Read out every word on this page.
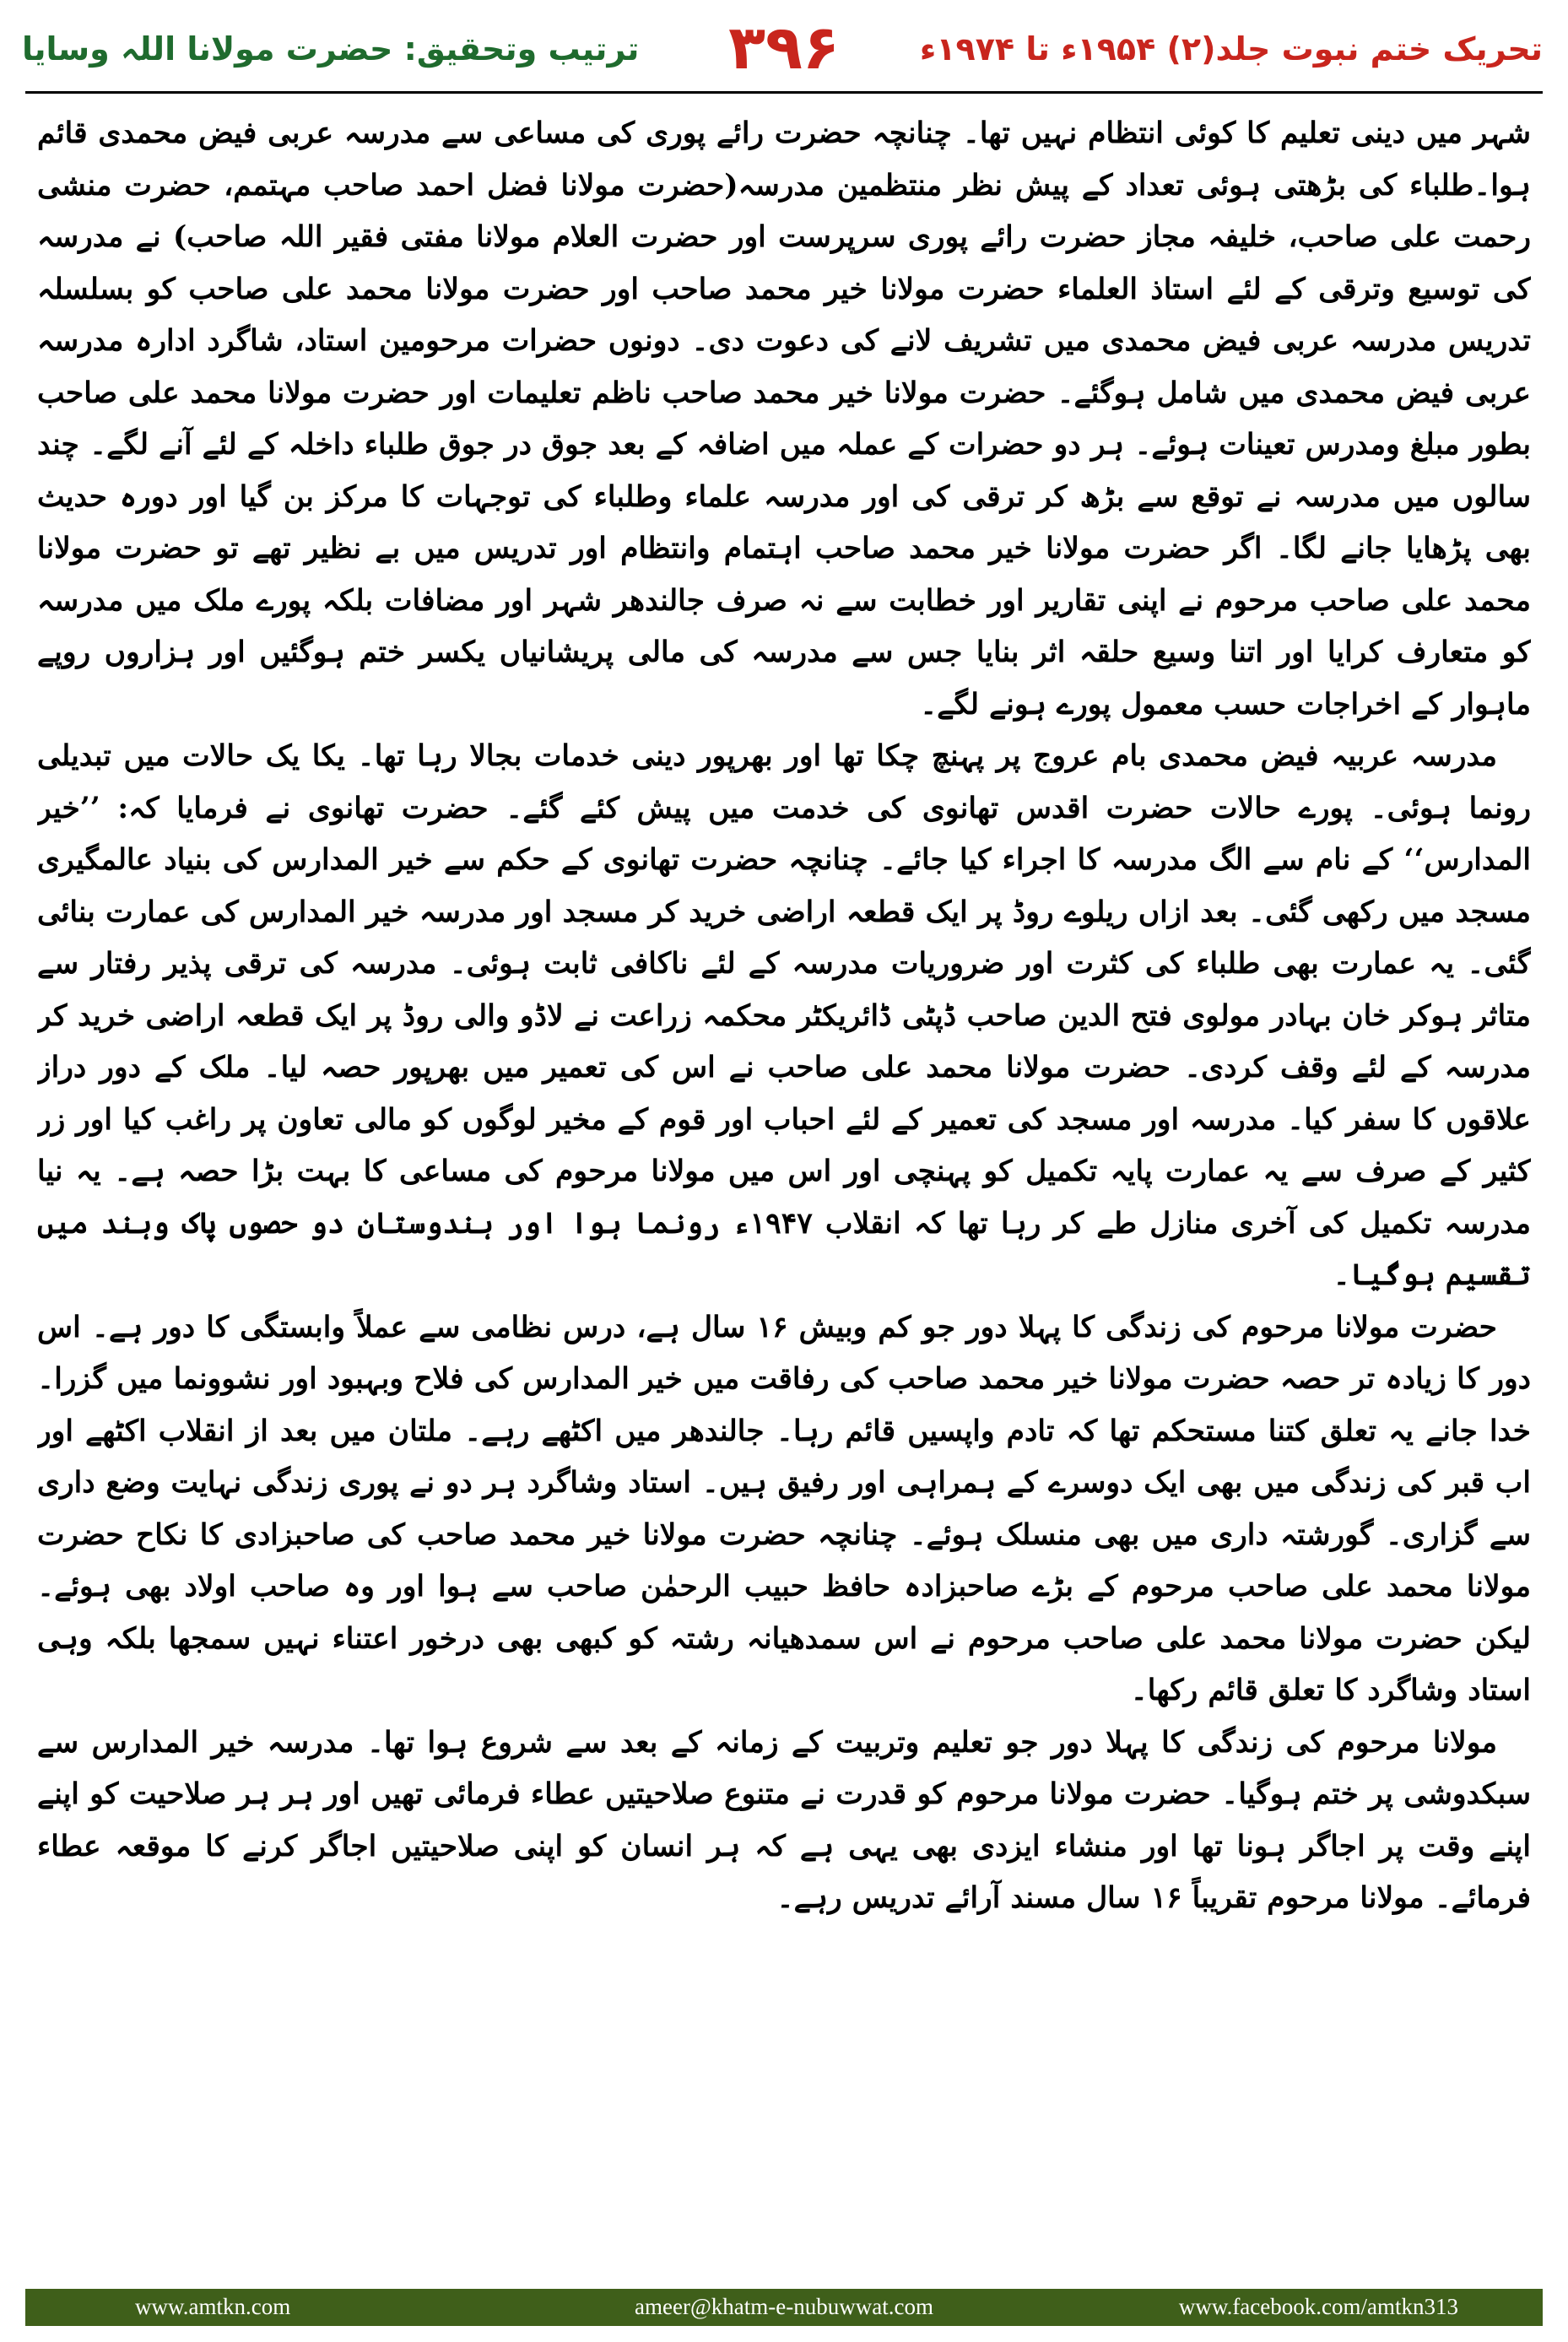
ترتیب وتحقیق: حضرت مولانا اللہ وسایا	۳۹۶	تحریک ختم نبوت جلد(۲) ۱۹۵۴ء تا ۱۹۷۴ء

شہر میں دینی تعلیم کا کوئی انتظام نہیں تھا۔ چنانچہ حضرت رائے پوری کی مساعی سے مدرسہ عربی فیض محمدی قائم ہوا۔طلباء کی بڑھتی ہوئی تعداد کے پیش نظر منتظمین مدرسہ(حضرت مولانا فضل احمد صاحب مہتمم، حضرت منشی رحمت علی صاحب، خلیفہ مجاز حضرت رائے پوری سرپرست اور حضرت العلام مولانا مفتی فقیر اللہ صاحب) نے مدرسہ کی توسیع وترقی کے لئے استاذ العلماء حضرت مولانا خیر محمد صاحب اور حضرت مولانا محمد علی صاحب کو بسلسلہ تدریس مدرسہ عربی فیض محمدی میں تشریف لانے کی دعوت دی۔ دونوں حضرات مرحومین استاد، شاگرد ادارہ مدرسہ عربی فیض محمدی میں شامل ہوگئے۔ حضرت مولانا خیر محمد صاحب ناظم تعلیمات اور حضرت مولانا محمد علی صاحب بطور مبلغ ومدرس تعینات ہوئے۔ ہر دو حضرات کے عملہ میں اضافہ کے بعد جوق در جوق طلباء داخلہ کے لئے آنے لگے۔ چند سالوں میں مدرسہ نے توقع سے بڑھ کر ترقی کی اور مدرسہ علماء وطلباء کی توجہات کا مرکز بن گیا اور دورہ حدیث بھی پڑھایا جانے لگا۔ اگر حضرت مولانا خیر محمد صاحب اہتمام وانتظام اور تدریس میں بے نظیر تھے تو حضرت مولانا محمد علی صاحب مرحوم نے اپنی تقاریر اور خطابت سے نہ صرف جالندھر شہر اور مضافات بلکہ پورے ملک میں مدرسہ کو متعارف کرایا اور اتنا وسیع حلقہ اثر بنایا جس سے مدرسہ کی مالی پریشانیاں یکسر ختم ہوگئیں اور ہزاروں روپے ماہوار کے اخراجات حسب معمول پورے ہونے لگے۔

مدرسہ عربیہ فیض محمدی بام عروج پر پہنچ چکا تھا اور بھرپور دینی خدمات بجالا رہا تھا۔ یکا یک حالات میں تبدیلی رونما ہوئی۔ پورے حالات حضرت اقدس تھانوی کی خدمت میں پیش کئے گئے۔ حضرت تھانوی نے فرمایا کہ: ’’خیر المدارس‘‘ کے نام سے الگ مدرسہ کا اجراء کیا جائے۔ چنانچہ حضرت تھانوی کے حکم سے خیر المدارس کی بنیاد عالمگیری مسجد میں رکھی گئی۔ بعد ازاں ریلوے روڈ پر ایک قطعہ اراضی خرید کر مسجد اور مدرسہ خیر المدارس کی عمارت بنائی گئی۔ یہ عمارت بھی طلباء کی کثرت اور ضروریات مدرسہ کے لئے ناکافی ثابت ہوئی۔ مدرسہ کی ترقی پذیر رفتار سے متاثر ہوکر خان بہادر مولوی فتح الدین صاحب ڈپٹی ڈائریکٹر محکمہ زراعت نے لاڈو والی روڈ پر ایک قطعہ اراضی خرید کر مدرسہ کے لئے وقف کردی۔ حضرت مولانا محمد علی صاحب نے اس کی تعمیر میں بھرپور حصہ لیا۔ ملک کے دور دراز علاقوں کا سفر کیا۔ مدرسہ اور مسجد کی تعمیر کے لئے احباب اور قوم کے مخیر لوگوں کو مالی تعاون پر راغب کیا اور زر کثیر کے صرف سے یہ عمارت پایہ تکمیل کو پہنچی اور اس میں مولانا مرحوم کی مساعی کا بہت بڑا حصہ ہے۔ یہ نیا مدرسہ تکمیل کی آخری منازل طے کر رہا تھا کہ انقلاب ۱۹۴۷ء رونما ہوا اور ہندوستان دو حصوں پاک وہند میں تقسیم ہوگیا۔

حضرت مولانا مرحوم کی زندگی کا پہلا دور جو کم وبیش ۱۶ سال ہے، درس نظامی سے عملاً وابستگی کا دور ہے۔ اس دور کا زیادہ تر حصہ حضرت مولانا خیر محمد صاحب کی رفاقت میں خیر المدارس کی فلاح وبہبود اور نشوونما میں گزرا۔ خدا جانے یہ تعلق کتنا مستحکم تھا کہ تادم واپسیں قائم رہا۔ جالندھر میں اکٹھے رہے۔ ملتان میں بعد از انقلاب اکٹھے اور اب قبر کی زندگی میں بھی ایک دوسرے کے ہمراہی اور رفیق ہیں۔ استاد وشاگرد ہر دو نے پوری زندگی نہایت وضع داری سے گزاری۔ گورشتہ داری میں بھی منسلک ہوئے۔ چنانچہ حضرت مولانا خیر محمد صاحب کی صاحبزادی کا نکاح حضرت مولانا محمد علی صاحب مرحوم کے بڑے صاحبزادہ حافظ حبیب الرحمٰن صاحب سے ہوا اور وہ صاحب اولاد بھی ہوئے۔ لیکن حضرت مولانا محمد علی صاحب مرحوم نے اس سمدھیانہ رشتہ کو کبھی بھی درخور اعتناء نہیں سمجھا بلکہ وہی استاد وشاگرد کا تعلق قائم رکھا۔

مولانا مرحوم کی زندگی کا پہلا دور جو تعلیم وتربیت کے زمانہ کے بعد سے شروع ہوا تھا۔ مدرسہ خیر المدارس سے سبکدوشی پر ختم ہوگیا۔ حضرت مولانا مرحوم کو قدرت نے متنوع صلاحیتیں عطاء فرمائی تھیں اور ہر ہر صلاحیت کو اپنے اپنے وقت پر اجاگر ہونا تھا اور منشاء ایزدی بھی یہی ہے کہ ہر انسان کو اپنی صلاحیتیں اجاگر کرنے کا موقعہ عطاء فرمائے۔ مولانا مرحوم تقریباً ۱۶ سال مسند آرائے تدریس رہے۔

www.amtkn.com	ameer@khatm-e-nubuwwat.com	www.facebook.com/amtkn313
